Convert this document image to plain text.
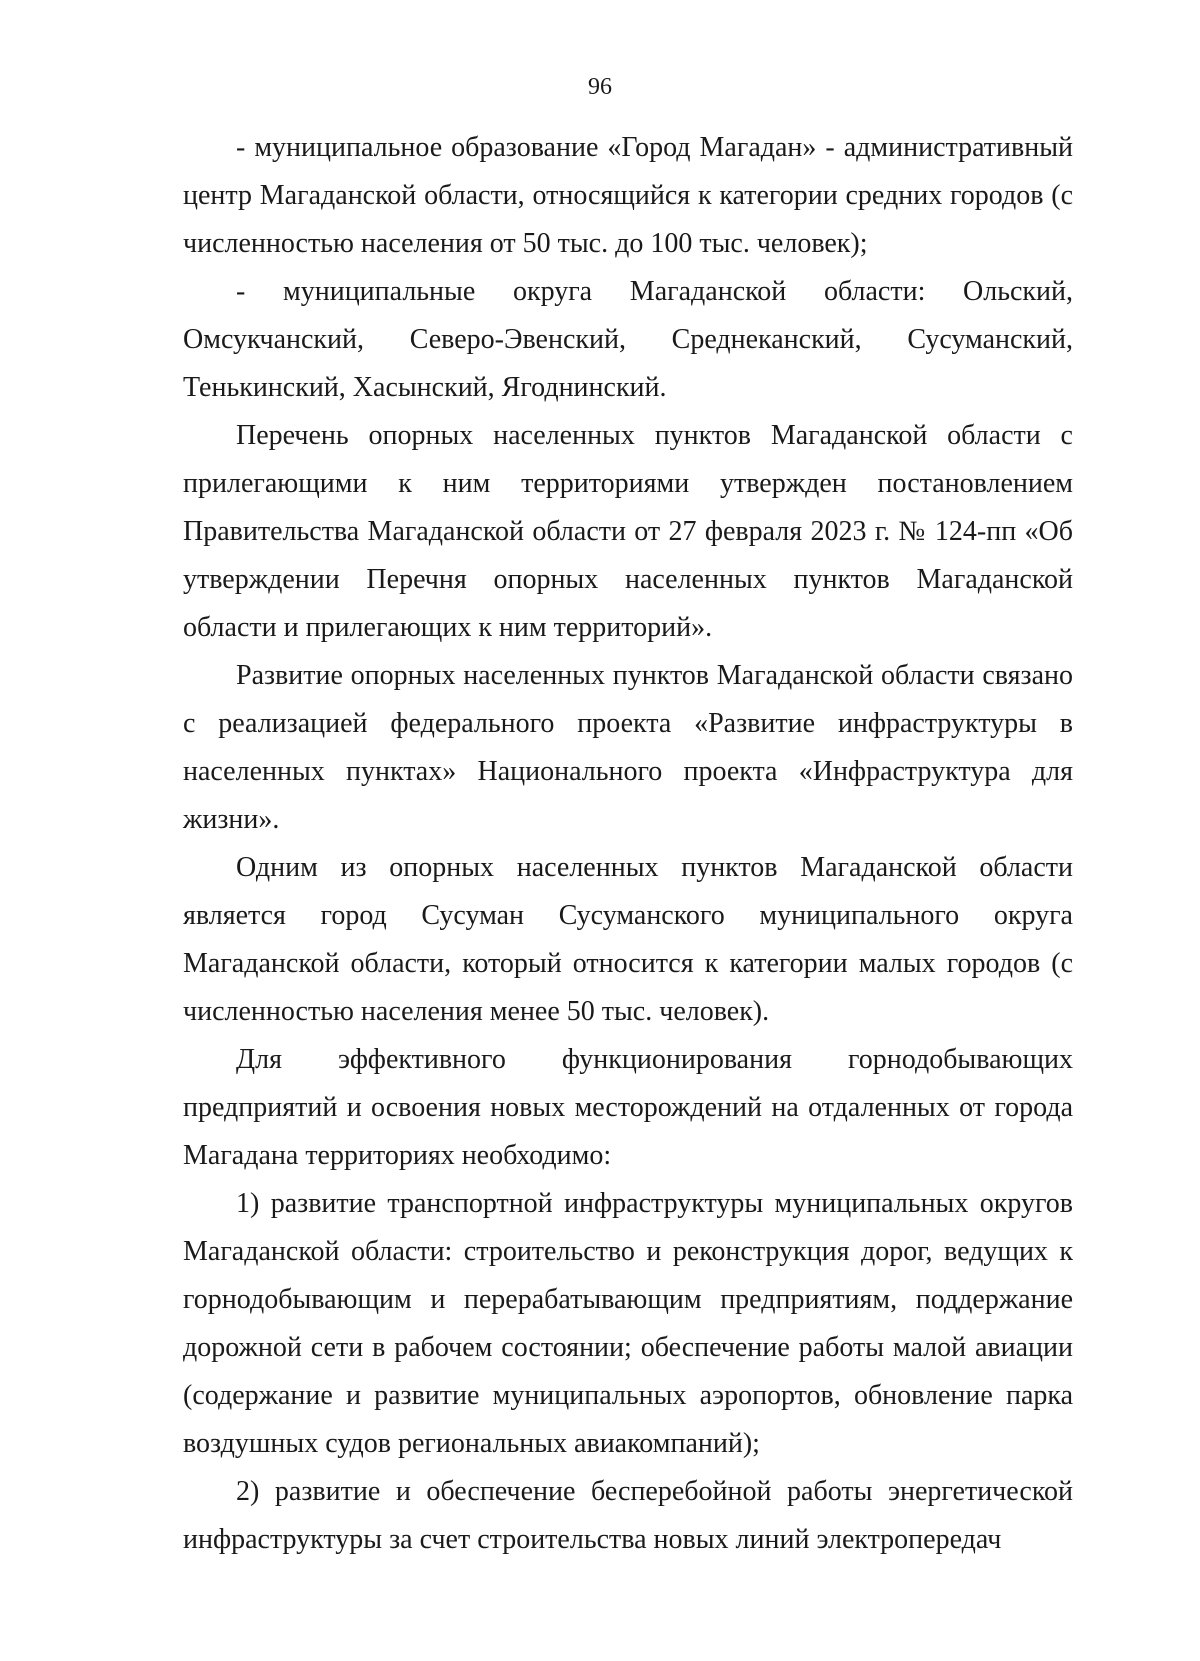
96

- муниципальное образование «Город Магадан» - административный центр Магаданской области, относящийся к категории средних городов (с численностью населения от 50 тыс. до 100 тыс. человек);

- муниципальные округа Магаданской области: Ольский, Омсукчанский, Северо-Эвенский, Среднеканский, Сусуманский, Тенькинский, Хасынский, Ягоднинский.

Перечень опорных населенных пунктов Магаданской области с прилегающими к ним территориями утвержден постановлением Правительства Магаданской области от 27 февраля 2023 г. № 124-пп «Об утверждении Перечня опорных населенных пунктов Магаданской области и прилегающих к ним территорий».

Развитие опорных населенных пунктов Магаданской области связано с реализацией федерального проекта «Развитие инфраструктуры в населенных пунктах» Национального проекта «Инфраструктура для жизни».

Одним из опорных населенных пунктов Магаданской области является город Сусуман Сусуманского муниципального округа Магаданской области, который относится к категории малых городов (с численностью населения менее 50 тыс. человек).

Для эффективного функционирования горнодобывающих предприятий и освоения новых месторождений на отдаленных от города Магадана территориях необходимо:

1) развитие транспортной инфраструктуры муниципальных округов Магаданской области: строительство и реконструкция дорог, ведущих к горнодобывающим и перерабатывающим предприятиям, поддержание дорожной сети в рабочем состоянии; обеспечение работы малой авиации (содержание и развитие муниципальных аэропортов, обновление парка воздушных судов региональных авиакомпаний);

2) развитие и обеспечение бесперебойной работы энергетической инфраструктуры за счет строительства новых линий электропередач
